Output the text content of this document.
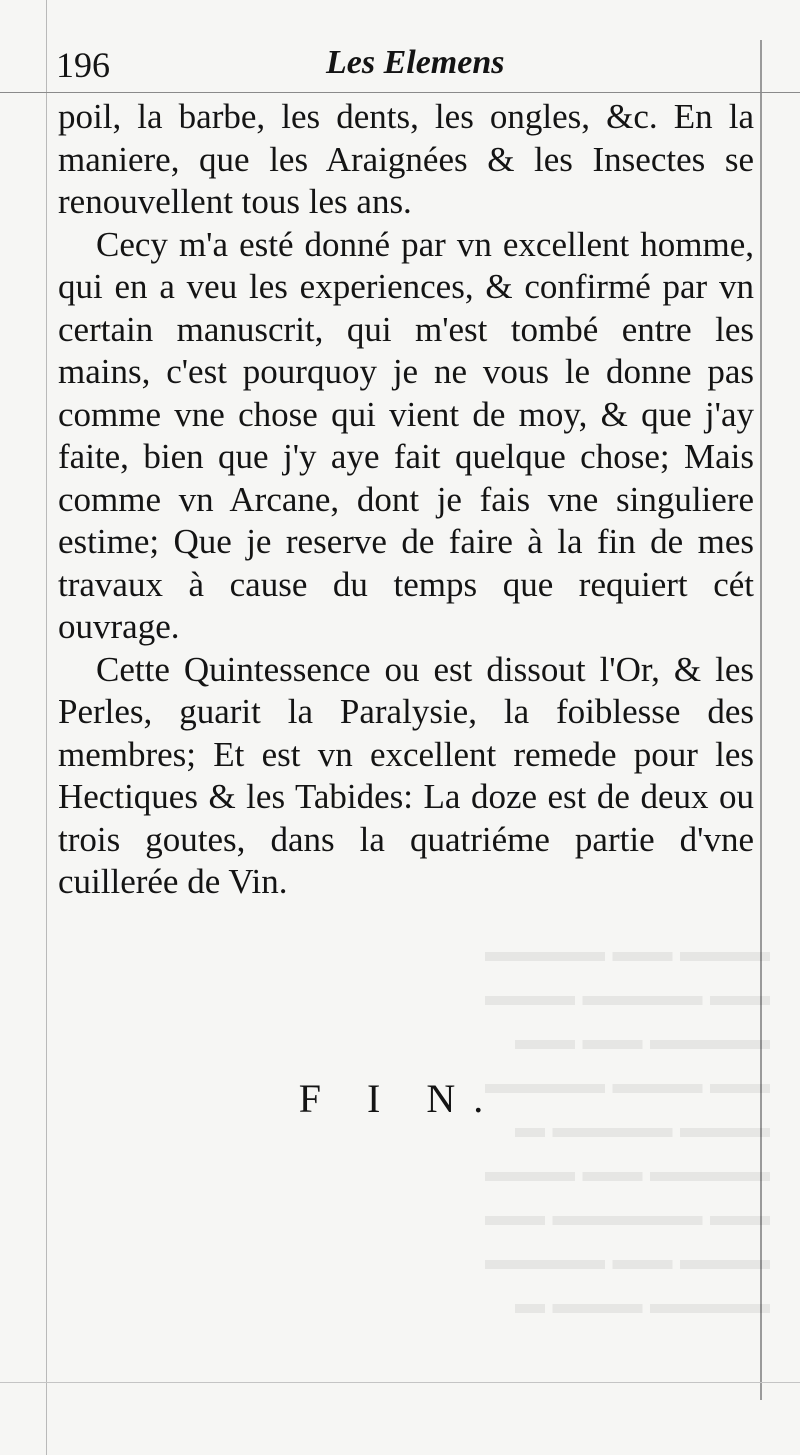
196	Les Elemens

poil, la barbe, les dents, les ongles, &c. En la maniere, que les Araignées & les Insectes se renouvellent tous les ans.

Cecy m'a esté donné par vn excellent homme, qui en a veu les experiences, & confirmé par vn certain manuscrit, qui m'est tombé entre les mains, c'est pourquoy je ne vous le donne pas comme vne chose qui vient de moy, & que j'ay faite, bien que j'y aye fait quelque chose; Mais comme vn Arcane, dont je fais vne singuliere estime; Que je reserve de faire à la fin de mes travaux à cause du temps que requiert cét ouvrage.

Cette Quintessence ou est dissout l'Or, & les Perles, guarit la Paralysie, la foiblesse des membres; Et est vn excellent remede pour les Hectiques & les Tabides: La doze est de deux ou trois goutes, dans la quatriéme partie d'vne cuillerée de Vin.

F I N.
▬▬▬ ▬▬ ▬▬▬▬
▬▬ ▬▬▬▬ ▬▬▬
▬▬▬▬ ▬▬ ▬▬
▬▬ ▬▬▬ ▬▬▬▬
▬▬▬ ▬▬▬▬ ▬
▬▬▬▬ ▬▬ ▬▬▬
▬▬ ▬▬▬▬▬ ▬▬
▬▬▬ ▬▬ ▬▬▬▬
▬▬▬▬ ▬▬▬ ▬
